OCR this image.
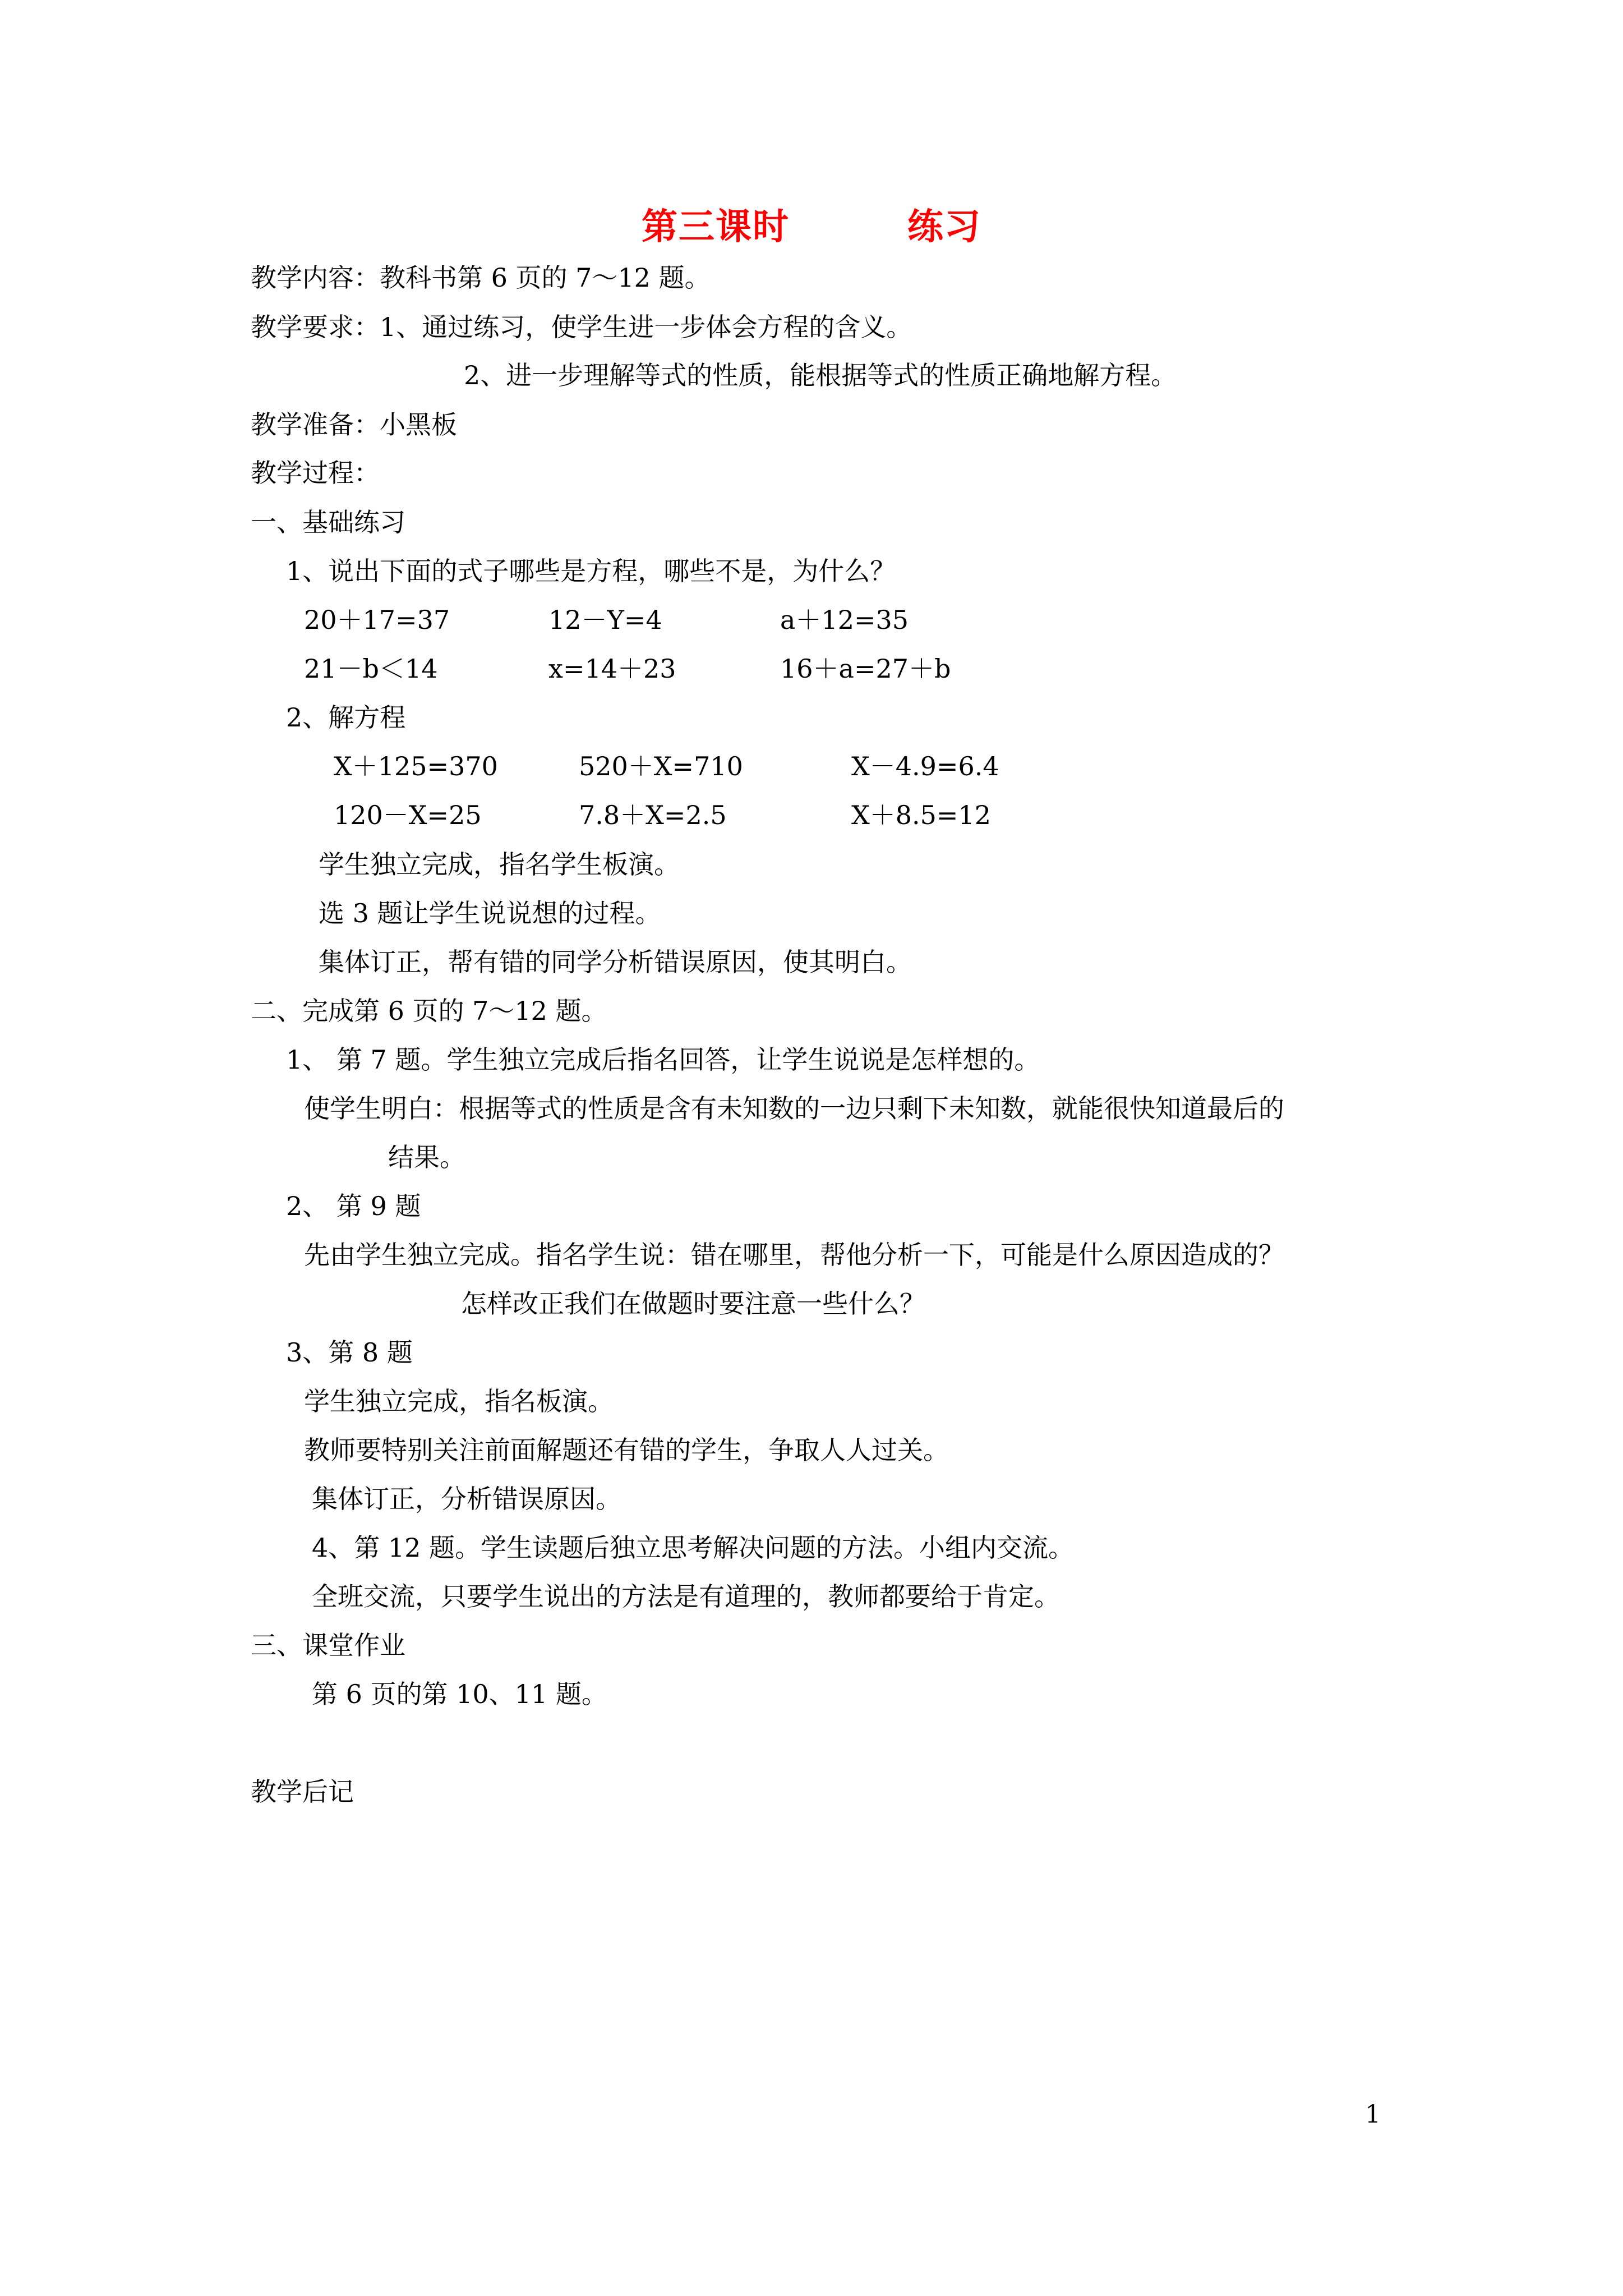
第三课时	练习
教学内容：教科书第 6 页的 7～12 题。
教学要求：1、通过练习，使学生进一步体会方程的含义。
2、进一步理解等式的性质，能根据等式的性质正确地解方程。
教学准备：小黑板
教学过程：
一、基础练习
1、说出下面的式子哪些是方程，哪些不是，为什么？
20＋17=37	12－Y=4	a＋12=35
21－b＜14	x=14＋23	16＋a=27＋b
2、解方程
X＋125=370	520＋X=710	X－4.9=6.4
120－X=25	7.8＋X=2.5	X＋8.5=12
学生独立完成，指名学生板演。
选 3 题让学生说说想的过程。
集体订正，帮有错的同学分析错误原因，使其明白。
二、完成第 6 页的 7～12 题。
1、 第 7 题。学生独立完成后指名回答，让学生说说是怎样想的。
使学生明白：根据等式的性质是含有未知数的一边只剩下未知数，就能很快知道最后的
结果。
2、 第 9 题
先由学生独立完成。指名学生说：错在哪里，帮他分析一下，可能是什么原因造成的？
怎样改正我们在做题时要注意一些什么？
3、第 8 题
学生独立完成，指名板演。
教师要特别关注前面解题还有错的学生，争取人人过关。
集体订正，分析错误原因。
4、第 12 题。学生读题后独立思考解决问题的方法。小组内交流。
全班交流，只要学生说出的方法是有道理的，教师都要给于肯定。
三、课堂作业
第 6 页的第 10、11 题。
教学后记
1
